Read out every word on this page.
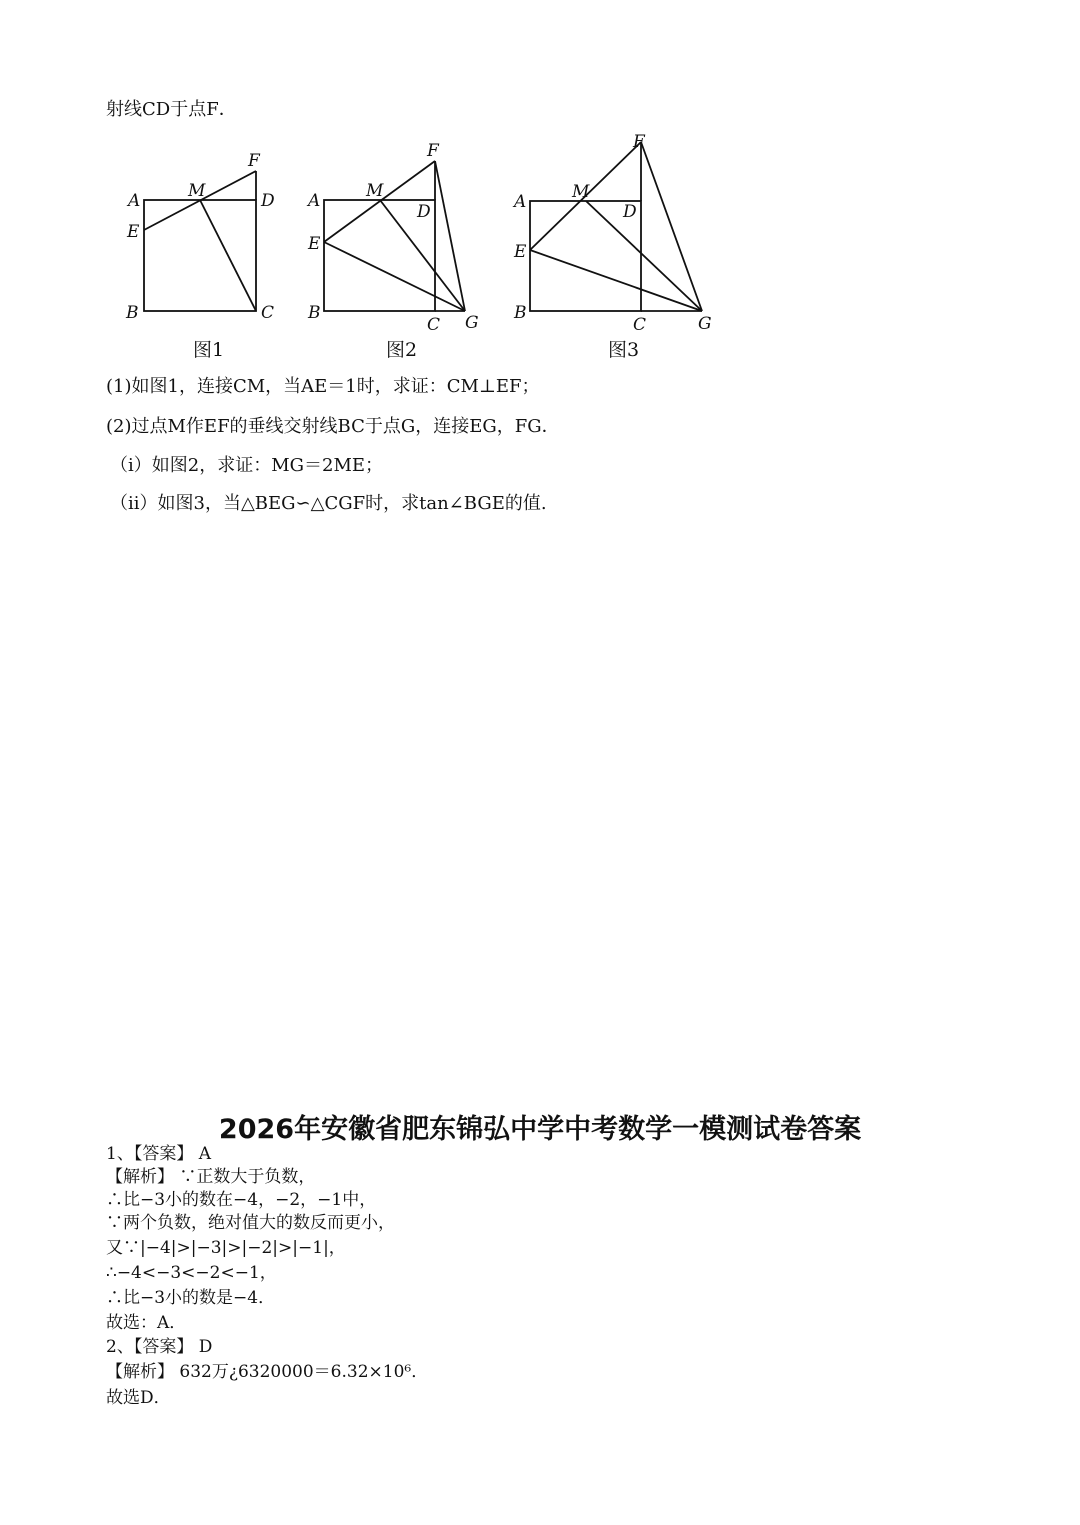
射线CD于点F．
A
E
B	C
D
M
F
图1
A
E
B
C
D
M
F
G
图2
A
E
B
C
D
M
F
G
图3
(1)如图1，连接CM，当AE＝1时，求证：CM⊥EF；
(2)过点M作EF的垂线交射线BC于点G，连接EG，FG．
（i）如图2，求证：MG＝2ME；
（ii）如图3，当△BEG∽△CGF时，求tan∠BGE的值.
2026年安徽省肥东锦弘中学中考数学一模测试卷答案
1、【答案】 A
【解析】 ∵正数大于负数，
∴比−3小的数在−4，−2，−1中，
∵两个负数，绝对值大的数反而更小，
又∵|−4|>|−3|>|−2|>|−1|，
∴−4<−3<−2<−1，
∴比−3小的数是−4．
故选：A．
2、【答案】 D
【解析】 632万¿6320000＝6.32×10⁶．
故选D．
